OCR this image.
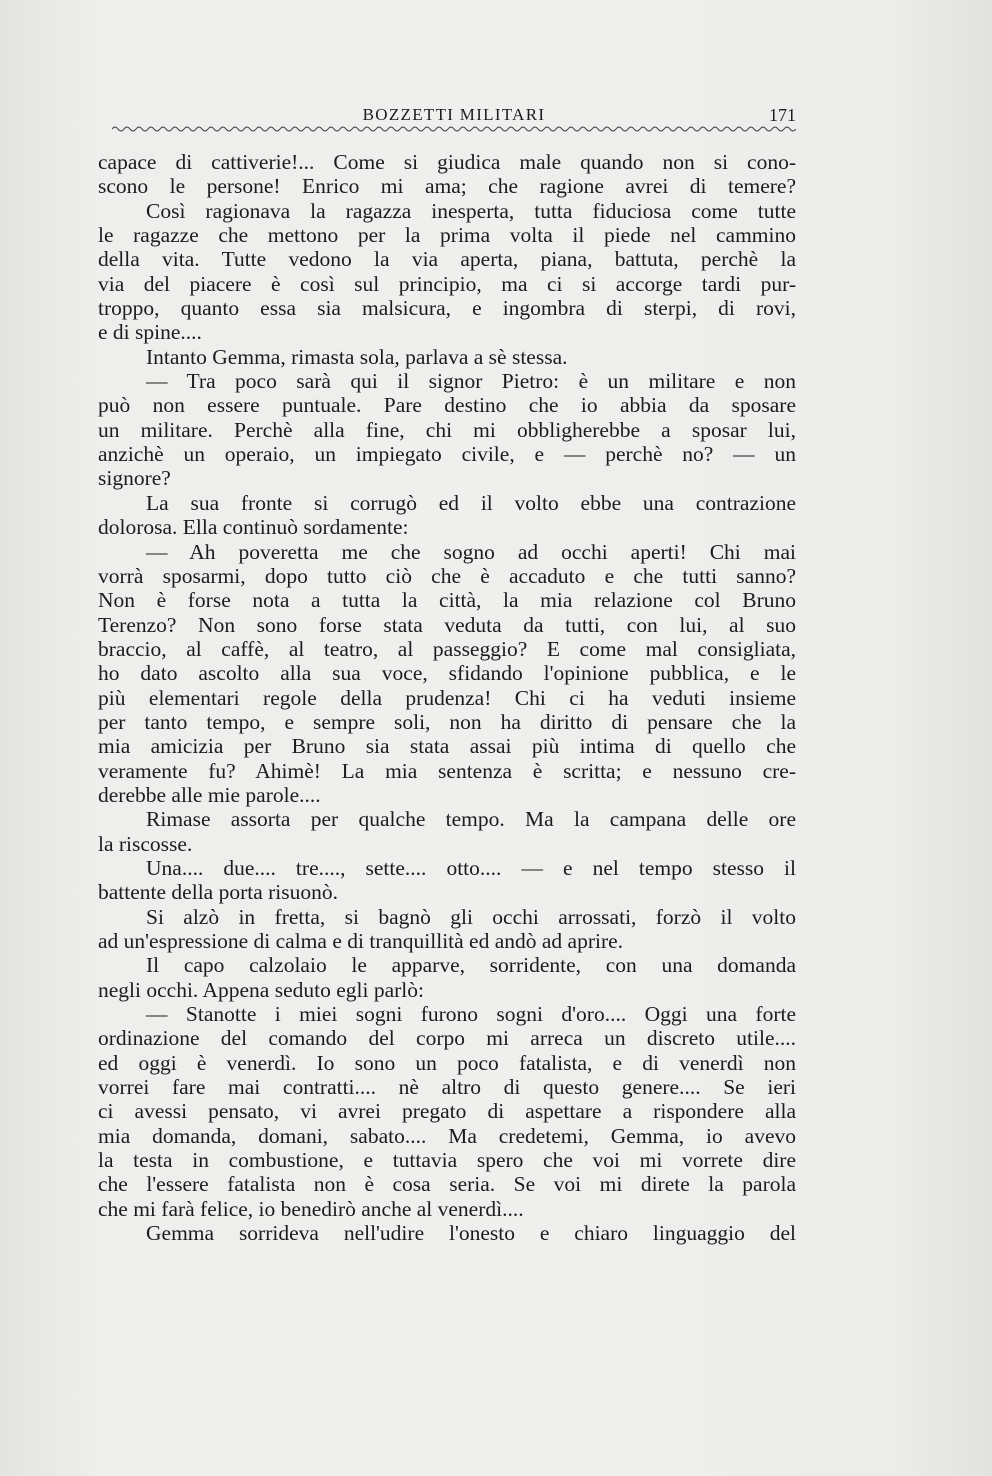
BOZZETTI MILITARI	171
capace di cattiverie!... Come si giudica male quando non si cono-
scono le persone! Enrico mi ama; che ragione avrei di temere?
Così ragionava la ragazza inesperta, tutta fiduciosa come tutte
le ragazze che mettono per la prima volta il piede nel cammino
della vita. Tutte vedono la via aperta, piana, battuta, perchè la
via del piacere è così sul principio, ma ci si accorge tardi pur-
troppo, quanto essa sia malsicura, e ingombra di sterpi, di rovi,
e di spine....
Intanto Gemma, rimasta sola, parlava a sè stessa.
— Tra poco sarà qui il signor Pietro: è un militare e non
può non essere puntuale. Pare destino che io abbia da sposare
un militare. Perchè alla fine, chi mi obbligherebbe a sposar lui,
anzichè un operaio, un impiegato civile, e — perchè no? — un
signore?
La sua fronte si corrugò ed il volto ebbe una contrazione
dolorosa. Ella continuò sordamente:
— Ah poveretta me che sogno ad occhi aperti! Chi mai
vorrà sposarmi, dopo tutto ciò che è accaduto e che tutti sanno?
Non è forse nota a tutta la città, la mia relazione col Bruno
Terenzo? Non sono forse stata veduta da tutti, con lui, al suo
braccio, al caffè, al teatro, al passeggio? E come mal consigliata,
ho dato ascolto alla sua voce, sfidando l'opinione pubblica, e le
più elementari regole della prudenza! Chi ci ha veduti insieme
per tanto tempo, e sempre soli, non ha diritto di pensare che la
mia amicizia per Bruno sia stata assai più intima di quello che
veramente fu? Ahimè! La mia sentenza è scritta; e nessuno cre-
derebbe alle mie parole....
Rimase assorta per qualche tempo. Ma la campana delle ore
la riscosse.
Una.... due.... tre...., sette.... otto.... — e nel tempo stesso il
battente della porta risuonò.
Si alzò in fretta, si bagnò gli occhi arrossati, forzò il volto
ad un'espressione di calma e di tranquillità ed andò ad aprire.
Il capo calzolaio le apparve, sorridente, con una domanda
negli occhi. Appena seduto egli parlò:
— Stanotte i miei sogni furono sogni d'oro.... Oggi una forte
ordinazione del comando del corpo mi arreca un discreto utile....
ed oggi è venerdì. Io sono un poco fatalista, e di venerdì non
vorrei fare mai contratti.... nè altro di questo genere.... Se ieri
ci avessi pensato, vi avrei pregato di aspettare a rispondere alla
mia domanda, domani, sabato.... Ma credetemi, Gemma, io avevo
la testa in combustione, e tuttavia spero che voi mi vorrete dire
che l'essere fatalista non è cosa seria. Se voi mi direte la parola
che mi farà felice, io benedirò anche al venerdì....
Gemma sorrideva nell'udire l'onesto e chiaro linguaggio del
